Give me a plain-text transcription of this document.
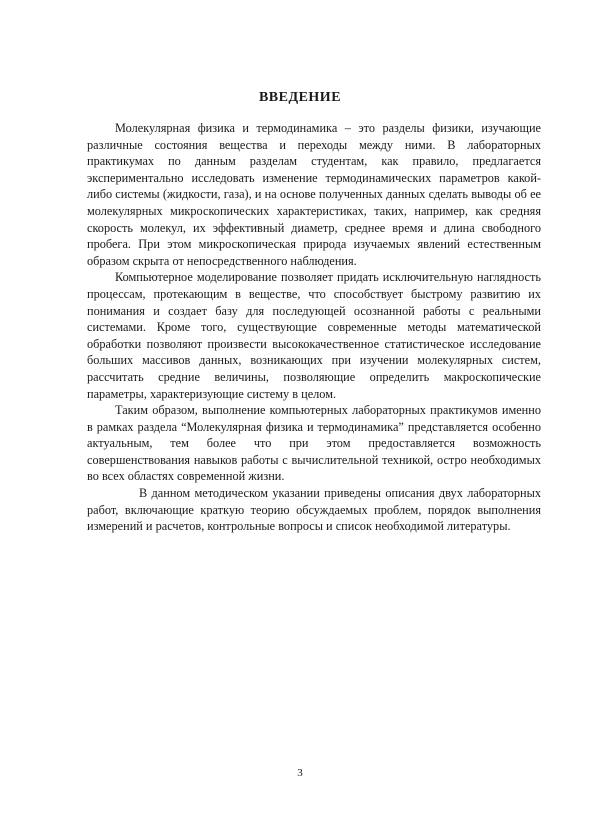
ВВЕДЕНИЕ

Молекулярная физика и термодинамика – это разделы физики, изучающие различные состояния вещества и переходы между ними. В лабораторных практикумах по данным разделам студентам, как правило, предлагается экспериментально исследовать изменение термодинамических параметров какой-либо системы (жидкости, газа), и на основе полученных данных сделать выводы об ее молекулярных микроскопических характеристиках, таких, например, как средняя скорость молекул, их эффективный диаметр, среднее время и длина свободного пробега. При этом микроскопическая природа изучаемых явлений естественным образом скрыта от непосредственного наблюдения.

Компьютерное моделирование позволяет придать исключительную наглядность процессам, протекающим в веществе, что способствует быстрому развитию их понимания и создает базу для последующей осознанной работы с реальными системами. Кроме того, существующие современные методы математической обработки позволяют произвести высококачественное статистическое исследование больших массивов данных, возникающих при изучении молекулярных систем, рассчитать средние величины, позволяющие определить макроскопические параметры, характеризующие систему в целом.

Таким образом, выполнение компьютерных лабораторных практикумов именно в рамках раздела “Молекулярная физика и термодинамика” представляется особенно актуальным, тем более что при этом предоставляется возможность совершенствования навыков работы с вычислительной техникой, остро необходимых во всех областях современной жизни.

В данном методическом указании приведены описания двух лабораторных работ, включающие краткую теорию обсуждаемых проблем, порядок выполнения измерений и расчетов, контрольные вопросы и список необходимой литературы.

3
